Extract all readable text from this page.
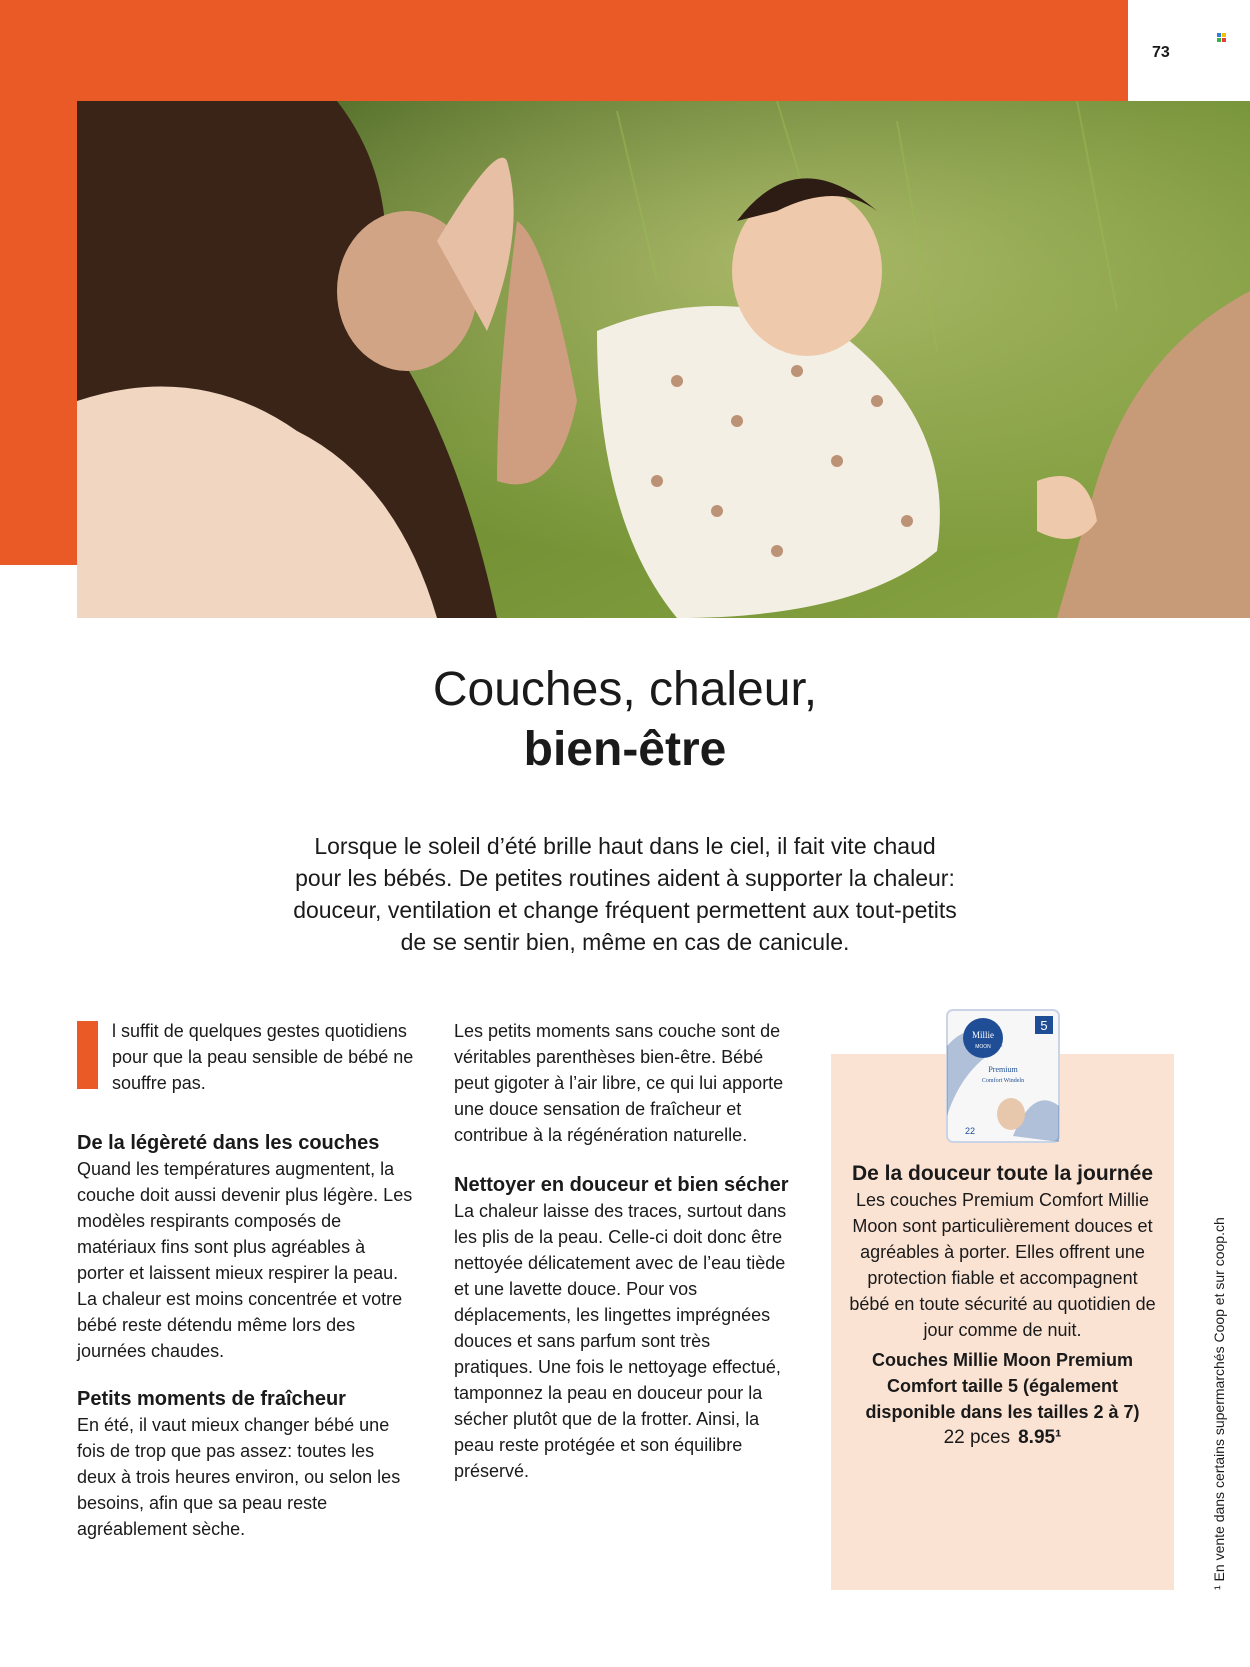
73
Couches, chaleur,
bien-être

Lorsque le soleil d’été brille haut dans le ciel, il fait vite chaud
pour les bébés. De petites routines aident à supporter la chaleur:
douceur, ventilation et change fréquent permettent aux tout-petits
de se sentir bien, même en cas de canicule.

l suffit de quelques gestes quotidiens pour que la peau sensible de bébé ne souffre pas.

De la légèreté dans les couches

Quand les températures augmentent, la couche doit aussi devenir plus légère. Les modèles respirants composés de matériaux fins sont plus agréables à porter et laissent mieux respirer la peau. La chaleur est moins concentrée et votre bébé reste détendu même lors des journées chaudes.

Petits moments de fraîcheur

En été, il vaut mieux changer bébé une fois de trop que pas assez: toutes les deux à trois heures environ, ou selon les besoins, afin que sa peau reste agréablement sèche.

Les petits moments sans couche sont de véritables parenthèses bien-être. Bébé peut gigoter à l’air libre, ce qui lui apporte une douce sensation de fraîcheur et contribue à la régénération naturelle.

Nettoyer en douceur et bien sécher

La chaleur laisse des traces, surtout dans les plis de la peau. Celle-ci doit donc être nettoyée délicatement avec de l’eau tiède et une lavette douce. Pour vos déplacements, les lingettes imprégnées douces et sans parfum sont très pratiques. Une fois le nettoyage effectué, tamponnez la peau en douceur pour la sécher plutôt que de la frotter. Ainsi, la peau reste protégée et son équilibre préservé.

Millie
MOON
5
Premium
Comfort Windeln
22
De la douceur toute la journée

Les couches Premium Comfort Millie Moon sont particulièrement douces et agréables à porter. Elles offrent une protection fiable et accompagnent bébé en toute sécurité au quotidien de jour comme de nuit.

Couches Millie Moon Premium Comfort taille 5 (également disponible dans les tailles 2 à 7)

22 pces 8.95¹	¹ En vente dans certains supermarchés Coop et sur coop.ch
